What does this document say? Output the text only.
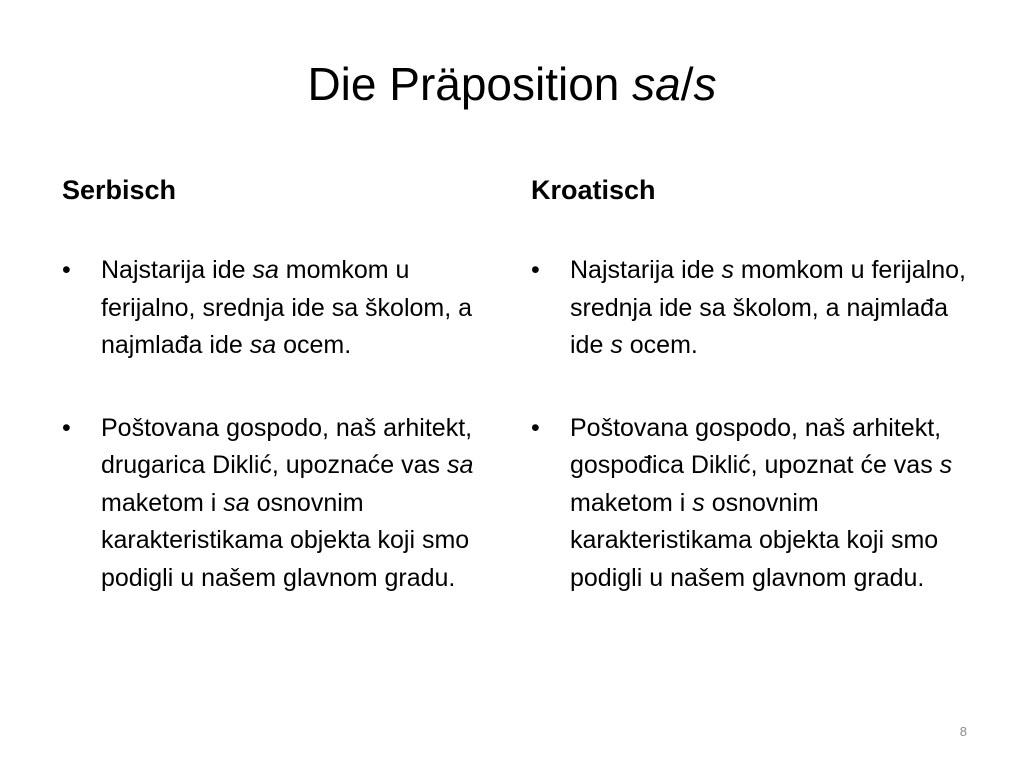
Die Präposition sa/s
Serbisch
• Najstarija ide sa momkom u ferijalno, srednja ide sa školom, a najmlađa ide sa ocem.
• Poštovana gospodo, naš arhitekt, drugarica Diklić, upoznaće vas sa maketom i sa osnovnim karakteristikama objekta koji smo podigli u našem glavnom gradu.
Kroatisch
• Najstarija ide s momkom u ferijalno, srednja ide sa školom, a najmlađa ide s ocem.
• Poštovana gospodo, naš arhitekt, gospođica Diklić, upoznat će vas s maketom i s osnovnim karakteristikama objekta koji smo podigli u našem glavnom gradu.
8
